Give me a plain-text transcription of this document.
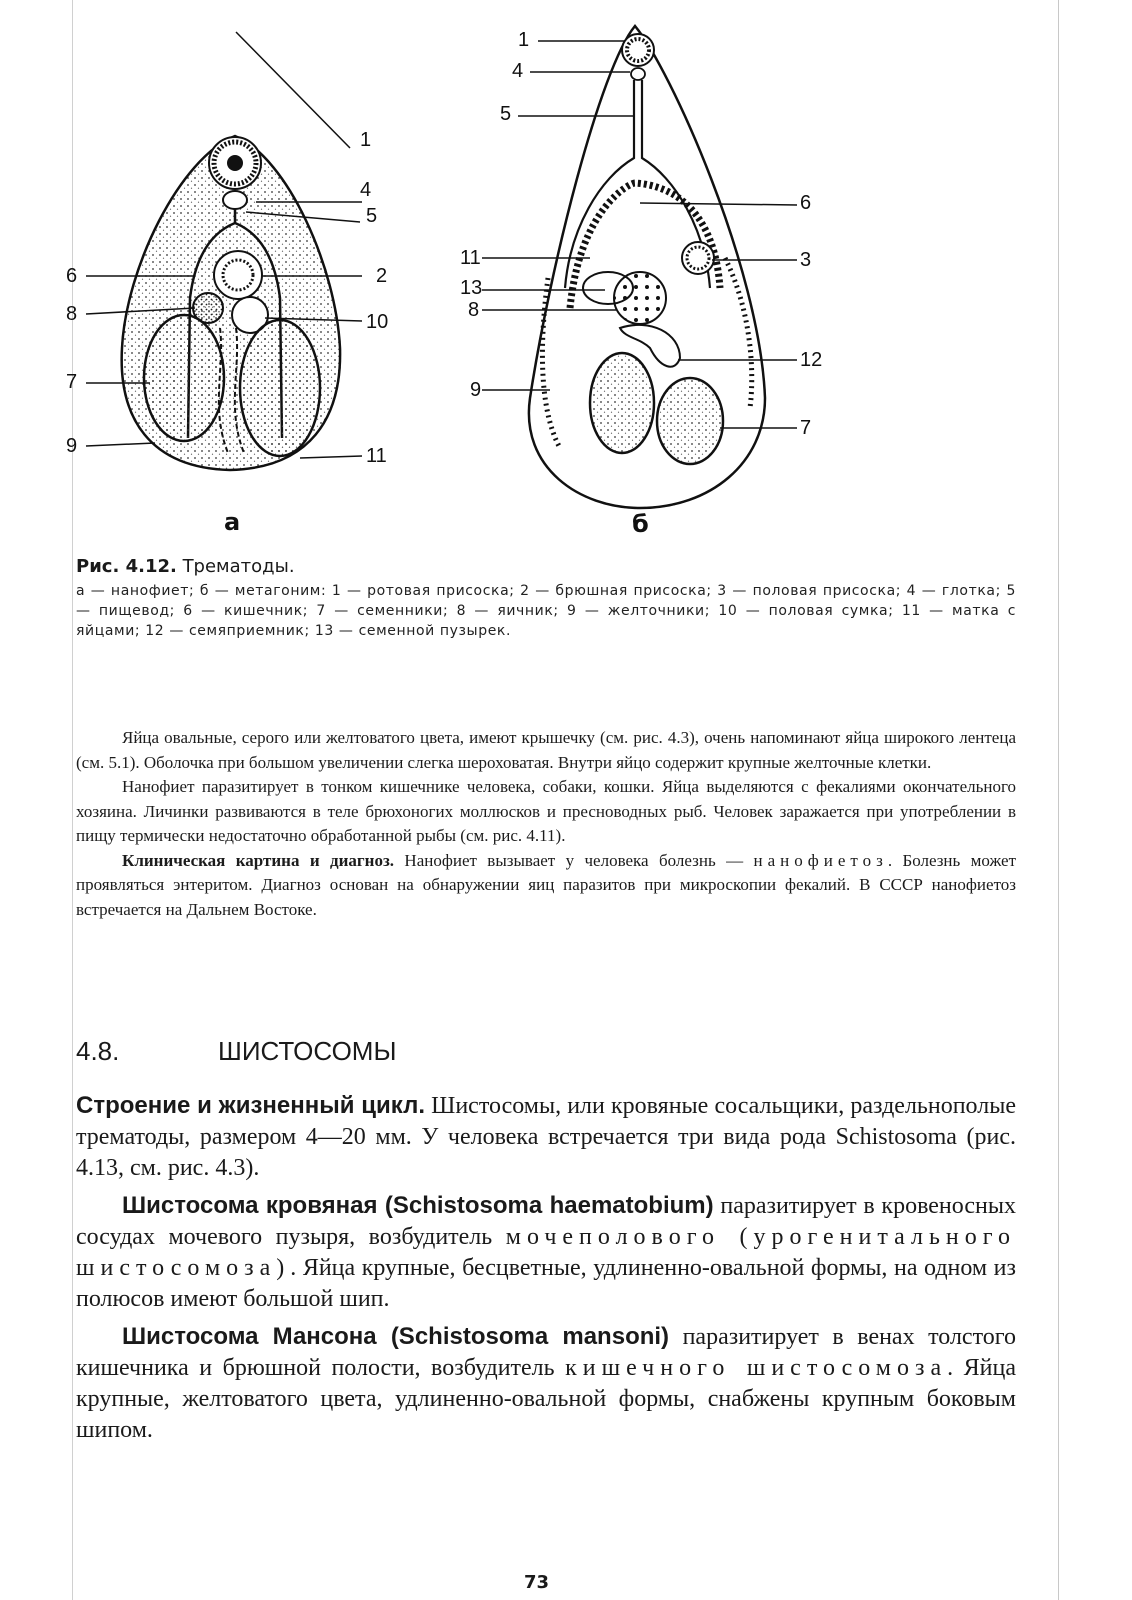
1
2
4
5
6
8	10
7
9	11
а
1
4
5
6
3
11
13
8
12
9
7
б
Рис. 4.12. Трематоды.
а — нанофиет; б — метагоним: 1 — ротовая присоска; 2 — брюшная присоска; 3 — половая присоска; 4 — глотка; 5 — пищевод; 6 — кишечник; 7 — семенники; 8 — яичник; 9 — желточники; 10 — половая сумка; 11 — матка с яйцами; 12 — семяприемник; 13 — семенной пузырек.

Яйца овальные, серого или желтоватого цвета, имеют крышечку (см. рис. 4.3), очень напоминают яйца широкого лентеца (см. 5.1). Оболочка при большом увеличении слегка шероховатая. Внутри яйцо содержит крупные желточные клетки.

Нанофиет паразитирует в тонком кишечнике человека, собаки, кошки. Яйца выделяются с фекалиями окончательного хозяина. Личинки развиваются в теле брюхоногих моллюсков и пресноводных рыб. Человек заражается при употреблении в пищу термически недостаточно обработанной рыбы (см. рис. 4.11).

Клиническая картина и диагноз. Нанофиет вызывает у человека болезнь — нанофиетоз. Болезнь может проявляться энтеритом. Диагноз основан на обнаружении яиц паразитов при микроскопии фекалий. В СССР нанофиетоз встречается на Дальнем Востоке.

4.8.	ШИСТОСОМЫ

Строение и жизненный цикл. Шистосомы, или кровяные сосальщики, раздельнополые трематоды, размером 4—20 мм. У человека встречается три вида рода Schistosoma (рис. 4.13, см. рис. 4.3).

Шистосома кровяная (Schistosoma haematobium) паразитирует в кровеносных сосудах мочевого пузыря, возбудитель мочеполового (урогенитального шистосомоза). Яйца крупные, бесцветные, удлиненно-овальной формы, на одном из полюсов имеют большой шип.

Шистосома Мансона (Schistosoma mansoni) паразитирует в венах толстого кишечника и брюшной полости, возбудитель кишечного шистосомоза. Яйца крупные, желтоватого цвета, удлиненно-овальной формы, снабжены крупным боковым шипом.

73
